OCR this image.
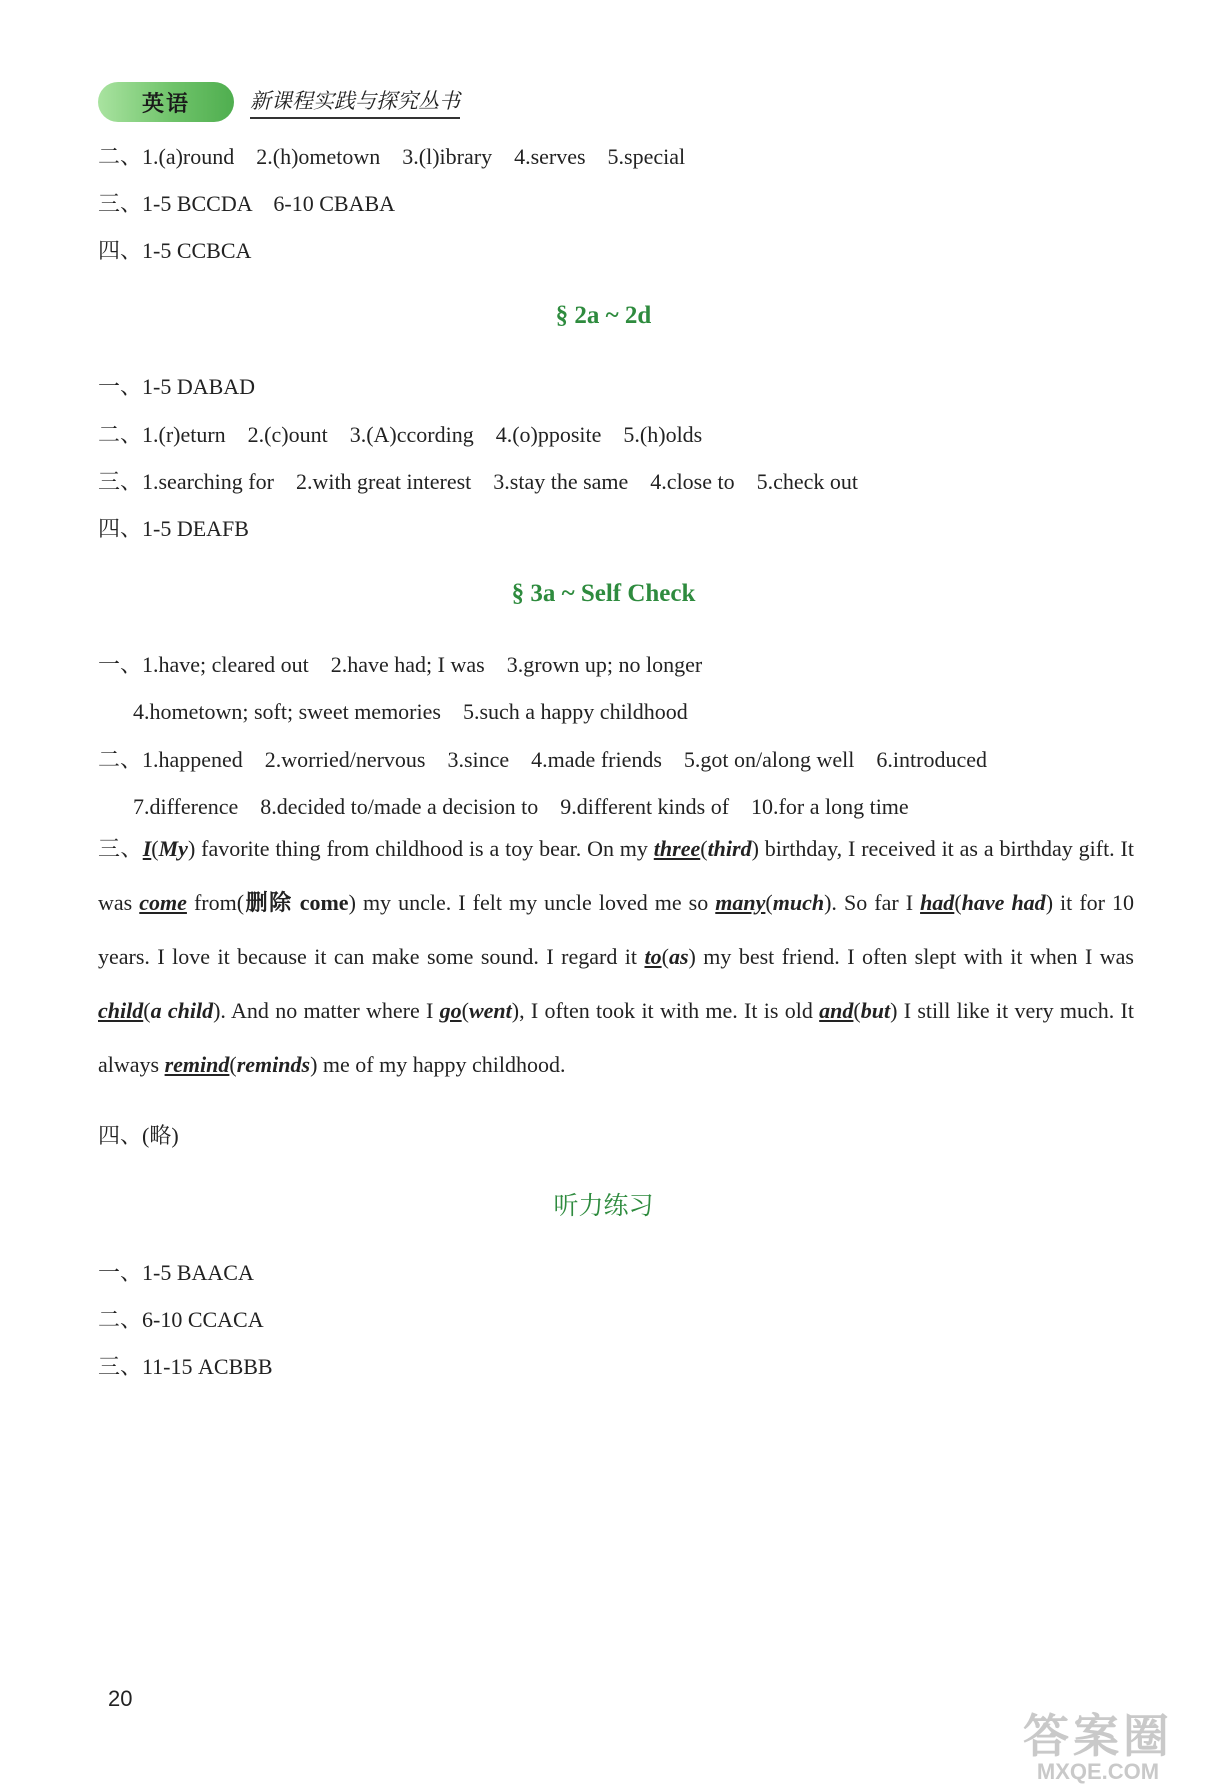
英语	新课程实践与探究丛书
二、1.(a)round　2.(h)ometown　3.(l)ibrary　4.serves　5.special
三、1-5 BCCDA　6-10 CBABA
四、1-5 CCBCA
§ 2a ~ 2d
一、1-5 DABAD
二、1.(r)eturn　2.(c)ount　3.(A)ccording　4.(o)pposite　5.(h)olds
三、1.searching for　2.with great interest　3.stay the same　4.close to　5.check out
四、1-5 DEAFB
§ 3a ~ Self Check
一、1.have; cleared out　2.have had; I was　3.grown up; no longer
4.hometown; soft; sweet memories　5.such a happy childhood
二、1.happened　2.worried/nervous　3.since　4.made friends　5.got on/along well　6.introduced
7.difference　8.decided to/made a decision to　9.different kinds of　10.for a long time
三、I(My) favorite thing from childhood is a toy bear. On my three(third) birthday, I received it as a birthday gift. It was come from(删除 come) my uncle. I felt my uncle loved me so many(much). So far I had(have had) it for 10 years. I love it because it can make some sound. I regard it to(as) my best friend. I often slept with it when I was child(a child). And no matter where I go(went), I often took it with me. It is old and(but) I still like it very much. It always remind(reminds) me of my happy childhood.
四、(略)
听力练习
一、1-5 BAACA
二、6-10 CCACA
三、11-15 ACBBB
20
答案圈
MXQE.COM
